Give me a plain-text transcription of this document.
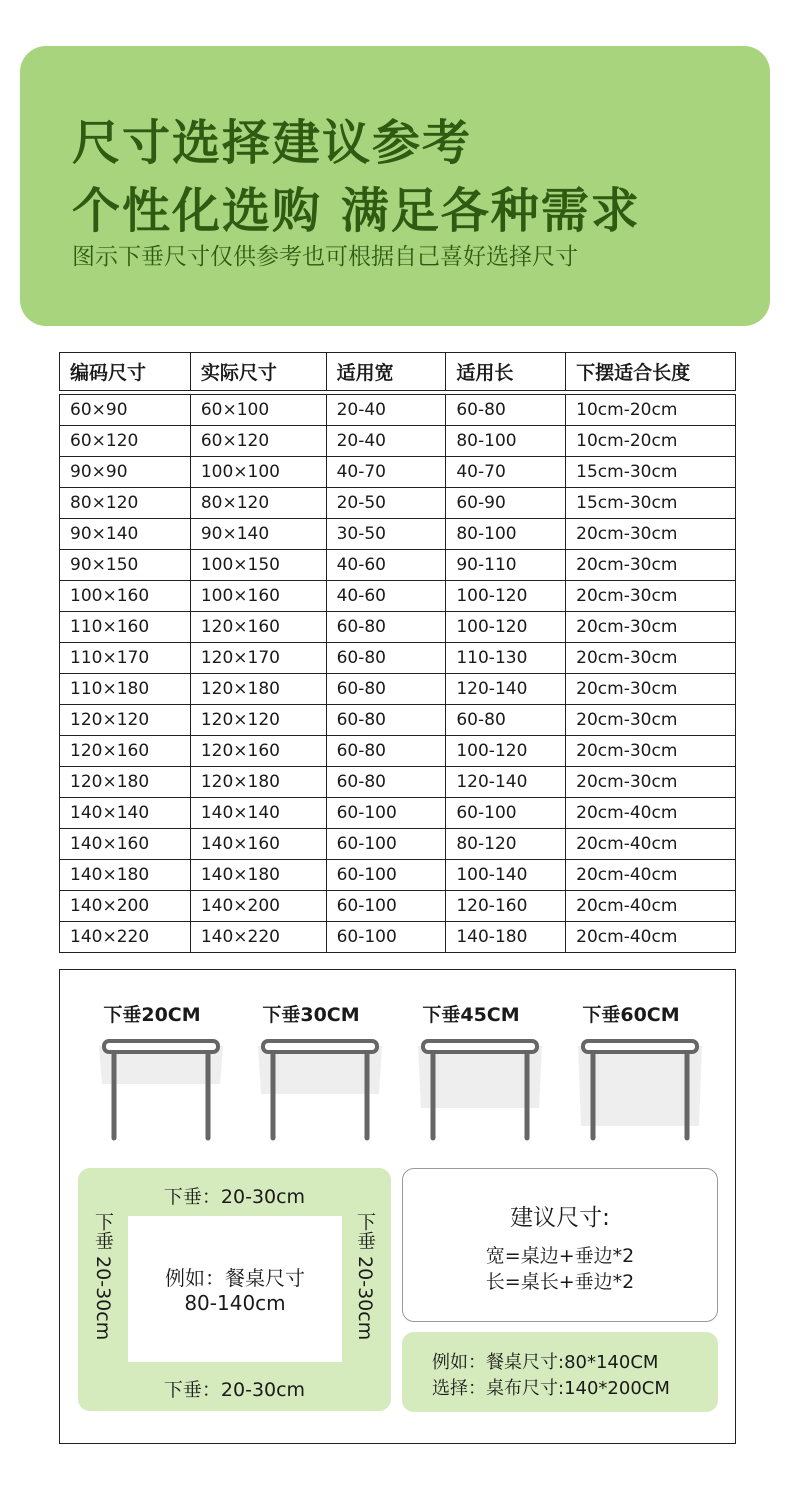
尺寸选择建议参考
个性化选购 满足各种需求
图示下垂尺寸仅供参考也可根据自己喜好选择尺寸
编码尺寸	实际尺寸	适用宽	适用长	下摆适合长度

60×90	60×100	20-40	60-80	10cm-20cm
60×120	60×120	20-40	80-100	10cm-20cm
90×90	100×100	40-70	40-70	15cm-30cm
80×120	80×120	20-50	60-90	15cm-30cm
90×140	90×140	30-50	80-100	20cm-30cm
90×150	100×150	40-60	90-110	20cm-30cm
100×160	100×160	40-60	100-120	20cm-30cm
110×160	120×160	60-80	100-120	20cm-30cm
110×170	120×170	60-80	110-130	20cm-30cm
110×180	120×180	60-80	120-140	20cm-30cm
120×120	120×120	60-80	60-80	20cm-30cm
120×160	120×160	60-80	100-120	20cm-30cm
120×180	120×180	60-80	120-140	20cm-30cm
140×140	140×140	60-100	60-100	20cm-40cm
140×160	140×160	60-100	80-120	20cm-40cm
140×180	140×180	60-100	100-140	20cm-40cm
140×200	140×200	60-100	120-160	20cm-40cm
140×220	140×220	60-100	140-180	20cm-40cm
下垂20CM	下垂30CM	下垂45CM	下垂60CM
下垂：20-30cm
下垂 20-30cm	例如：餐桌尺寸
80-140cm	下垂 20-30cm
下垂：20-30cm
建议尺寸:
宽=桌边+垂边*2
长=桌长+垂边*2
例如：餐桌尺寸:80*140CM
选择：桌布尺寸:140*200CM
